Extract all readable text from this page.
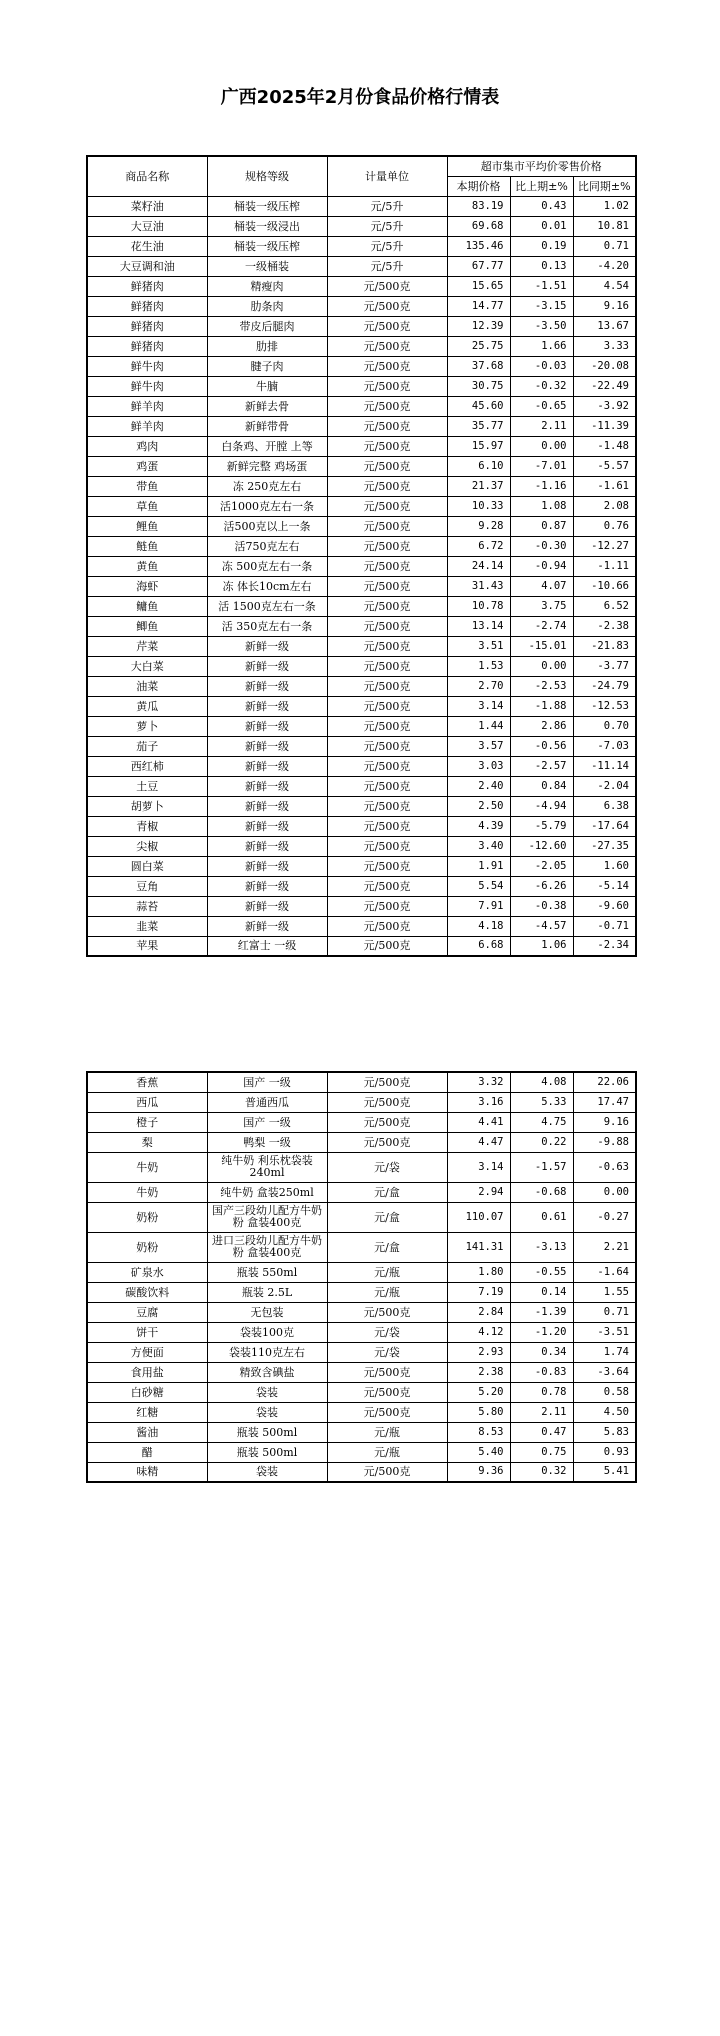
广西2025年2月份食品价格行情表
商品名称	规格等级	计量单位	超市集市平均价零售价格		
			本期价格	比上期±%	比同期±%
菜籽油	桶装一级压榨	元/5升	83.19	0.43	1.02
大豆油	桶装一级浸出	元/5升	69.68	0.01	10.81
花生油	桶装一级压榨	元/5升	135.46	0.19	0.71
大豆调和油	一级桶装	元/5升	67.77	0.13	-4.20
鲜猪肉	精瘦肉	元/500克	15.65	-1.51	4.54
鲜猪肉	肋条肉	元/500克	14.77	-3.15	9.16
鲜猪肉	带皮后腿肉	元/500克	12.39	-3.50	13.67
鲜猪肉	肋排	元/500克	25.75	1.66	3.33
鲜牛肉	腱子肉	元/500克	37.68	-0.03	-20.08
鲜牛肉	牛腩	元/500克	30.75	-0.32	-22.49
鲜羊肉	新鲜去骨	元/500克	45.60	-0.65	-3.92
鲜羊肉	新鲜带骨	元/500克	35.77	2.11	-11.39
鸡肉	白条鸡、开膛 上等	元/500克	15.97	0.00	-1.48
鸡蛋	新鲜完整 鸡场蛋	元/500克	6.10	-7.01	-5.57
带鱼	冻 250克左右	元/500克	21.37	-1.16	-1.61
草鱼	活1000克左右一条	元/500克	10.33	1.08	2.08
鲤鱼	活500克以上一条	元/500克	9.28	0.87	0.76
鲢鱼	活750克左右	元/500克	6.72	-0.30	-12.27
黄鱼	冻 500克左右一条	元/500克	24.14	-0.94	-1.11
海虾	冻 体长10cm左右	元/500克	31.43	4.07	-10.66
鳙鱼	活 1500克左右一条	元/500克	10.78	3.75	6.52
鲫鱼	活 350克左右一条	元/500克	13.14	-2.74	-2.38
芹菜	新鲜一级	元/500克	3.51	-15.01	-21.83
大白菜	新鲜一级	元/500克	1.53	0.00	-3.77
油菜	新鲜一级	元/500克	2.70	-2.53	-24.79
黄瓜	新鲜一级	元/500克	3.14	-1.88	-12.53
萝卜	新鲜一级	元/500克	1.44	2.86	0.70
茄子	新鲜一级	元/500克	3.57	-0.56	-7.03
西红柿	新鲜一级	元/500克	3.03	-2.57	-11.14
土豆	新鲜一级	元/500克	2.40	0.84	-2.04
胡萝卜	新鲜一级	元/500克	2.50	-4.94	6.38
青椒	新鲜一级	元/500克	4.39	-5.79	-17.64
尖椒	新鲜一级	元/500克	3.40	-12.60	-27.35
圆白菜	新鲜一级	元/500克	1.91	-2.05	1.60
豆角	新鲜一级	元/500克	5.54	-6.26	-5.14
蒜苔	新鲜一级	元/500克	7.91	-0.38	-9.60
韭菜	新鲜一级	元/500克	4.18	-4.57	-0.71
苹果	红富士 一级	元/500克	6.68	1.06	-2.34
香蕉	国产 一级	元/500克	3.32	4.08	22.06
西瓜	普通西瓜	元/500克	3.16	5.33	17.47
橙子	国产 一级	元/500克	4.41	4.75	9.16
梨	鸭梨 一级	元/500克	4.47	0.22	-9.88
牛奶	纯牛奶 利乐枕袋装240ml	元/袋	3.14	-1.57	-0.63
牛奶	纯牛奶 盒装250ml	元/盒	2.94	-0.68	0.00
奶粉	国产三段幼儿配方牛奶粉 盒装400克	元/盒	110.07	0.61	-0.27
奶粉	进口三段幼儿配方牛奶粉 盒装400克	元/盒	141.31	-3.13	2.21
矿泉水	瓶装 550ml	元/瓶	1.80	-0.55	-1.64
碳酸饮料	瓶装 2.5L	元/瓶	7.19	0.14	1.55
豆腐	无包装	元/500克	2.84	-1.39	0.71
饼干	袋装100克	元/袋	4.12	-1.20	-3.51
方便面	袋装110克左右	元/袋	2.93	0.34	1.74
食用盐	精致含碘盐	元/500克	2.38	-0.83	-3.64
白砂糖	袋装	元/500克	5.20	0.78	0.58
红糖	袋装	元/500克	5.80	2.11	4.50
酱油	瓶装 500ml	元/瓶	8.53	0.47	5.83
醋	瓶装 500ml	元/瓶	5.40	0.75	0.93
味精	袋装	元/500克	9.36	0.32	5.41
